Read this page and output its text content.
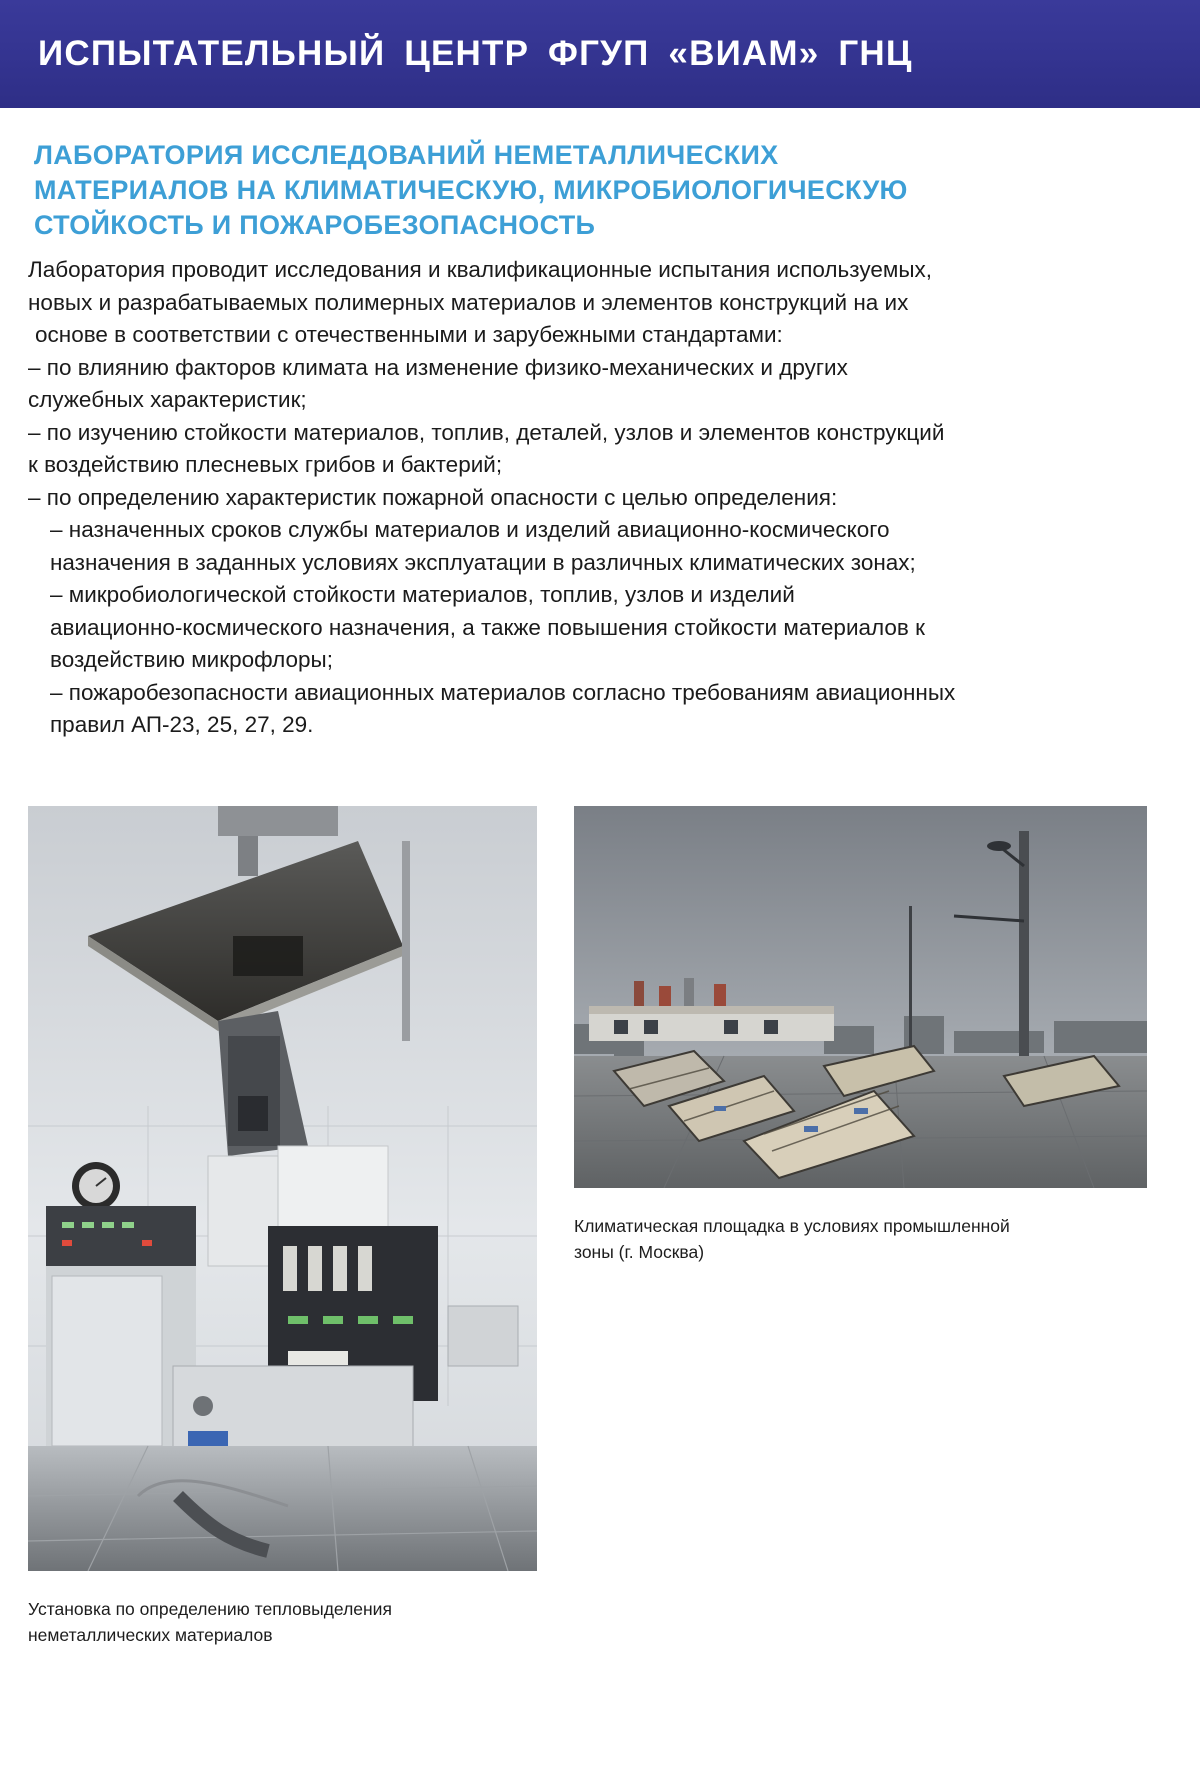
ИСПЫТАТЕЛЬНЫЙ ЦЕНТР ФГУП «ВИАМ» ГНЦ
ЛАБОРАТОРИЯ ИССЛЕДОВАНИЙ НЕМЕТАЛЛИЧЕСКИХ
МАТЕРИАЛОВ НА КЛИМАТИЧЕСКУЮ, МИКРОБИОЛОГИЧЕСКУЮ
СТОЙКОСТЬ И ПОЖАРОБЕЗОПАСНОСТЬ
Лаборатория проводит исследования и квалификационные испытания используемых,
новых и разрабатываемых полимерных материалов и элементов конструкций на их
основе в соответствии с отечественными и зарубежными стандартами:
– по влиянию факторов климата на изменение физико-механических и других
служебных характеристик;
– по изучению стойкости материалов, топлив, деталей, узлов и элементов конструкций
к воздействию плесневых грибов и бактерий;
– по определению характеристик пожарной опасности с целью определения:
– назначенных сроков службы материалов и изделий авиационно-космического
назначения в заданных условиях эксплуатации в различных климатических зонах;
– микробиологической стойкости материалов, топлив, узлов и изделий
авиационно-космического назначения, а также повышения стойкости материалов к
воздействию микрофлоры;
– пожаробезопасности авиационных материалов согласно требованиям авиационных
правил АП-23, 25, 27, 29.
Климатическая площадка в условиях промышленной
зоны (г. Москва)
Установка по определению тепловыделения
неметаллических материалов
